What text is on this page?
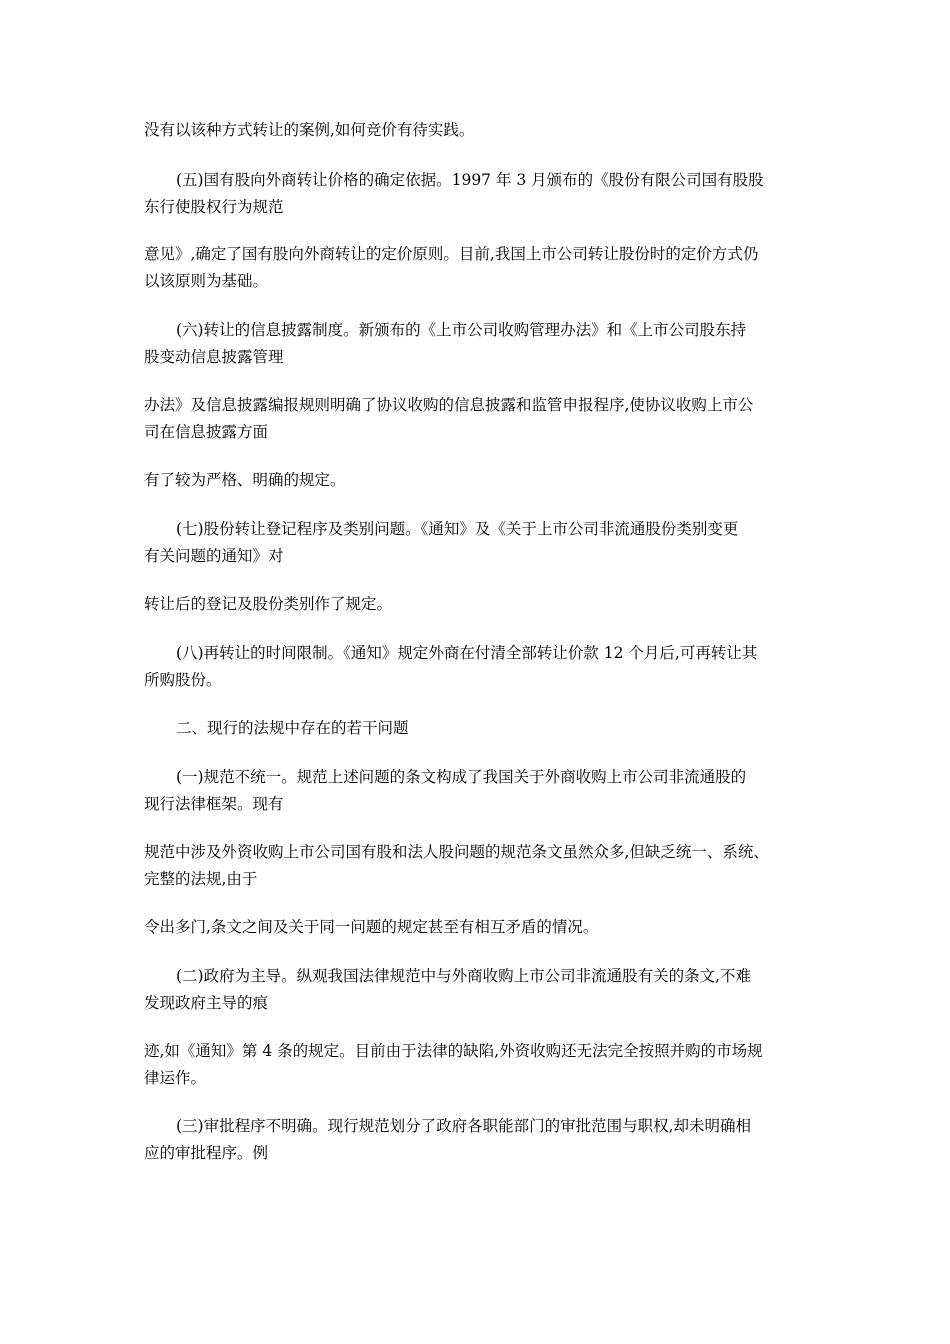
没有以该种方式转让的案例,如何竞价有待实践。
(五)国有股向外商转让价格的确定依据。1997 年 3 月颁布的《股份有限公司国有股股
东行使股权行为规范
意见》,确定了国有股向外商转让的定价原则。目前,我国上市公司转让股份时的定价方式仍
以该原则为基础。
(六)转让的信息披露制度。新颁布的《上市公司收购管理办法》和《上市公司股东持
股变动信息披露管理
办法》及信息披露编报规则明确了协议收购的信息披露和监管申报程序,使协议收购上市公
司在信息披露方面
有了较为严格、明确的规定。
(七)股份转让登记程序及类别问题。《通知》及《关于上市公司非流通股份类别变更
有关问题的通知》对
转让后的登记及股份类别作了规定。
(八)再转让的时间限制。《通知》规定外商在付清全部转让价款 12 个月后,可再转让其
所购股份。
二、现行的法规中存在的若干问题
(一)规范不统一。规范上述问题的条文构成了我国关于外商收购上市公司非流通股的
现行法律框架。现有
规范中涉及外资收购上市公司国有股和法人股问题的规范条文虽然众多,但缺乏统一、系统、
完整的法规,由于
令出多门,条文之间及关于同一问题的规定甚至有相互矛盾的情况。
(二)政府为主导。纵观我国法律规范中与外商收购上市公司非流通股有关的条文,不难
发现政府主导的痕
迹,如《通知》第 4 条的规定。目前由于法律的缺陷,外资收购还无法完全按照并购的市场规
律运作。
(三)审批程序不明确。现行规范划分了政府各职能部门的审批范围与职权,却未明确相
应的审批程序。例
